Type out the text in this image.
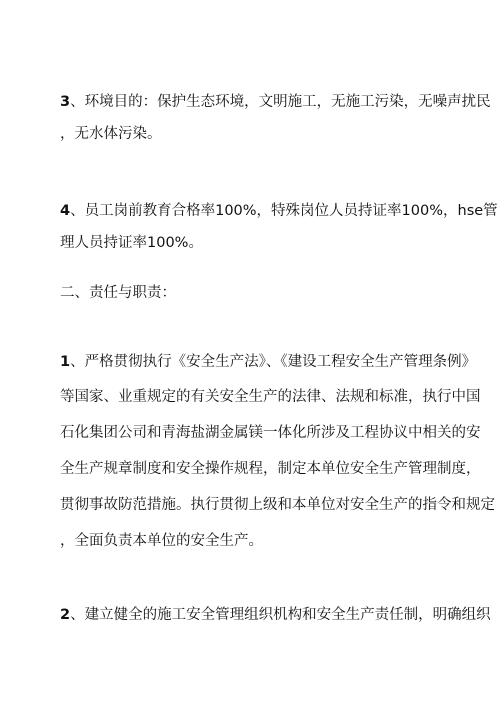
3、环境目的：保护生态环境，文明施工，无施工污染，无噪声扰民
，无水体污染。
4、员工岗前教育合格率100%，特殊岗位人员持证率100%，hse管
理人员持证率100%。
二、责任与职责：
1、严格贯彻执行《安全生产法》、《建设工程安全生产管理条例》
等国家、业重规定的有关安全生产的法律、法规和标准，执行中国
石化集团公司和青海盐湖金属镁一体化所涉及工程协议中相关的安
全生产规章制度和安全操作规程，制定本单位安全生产管理制度，
贯彻事故防范措施。执行贯彻上级和本单位对安全生产的指令和规定
，全面负责本单位的安全生产。
2、建立健全的施工安全管理组织机构和安全生产责任制，明确组织
